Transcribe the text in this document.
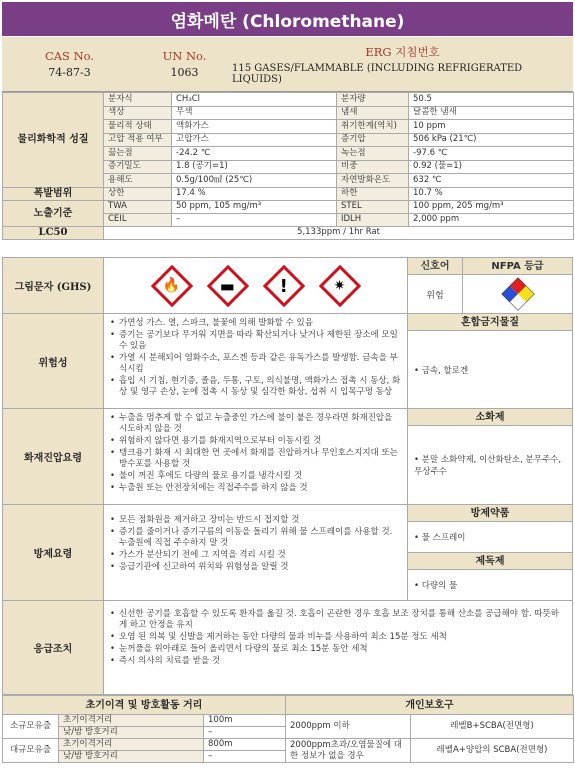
염화메탄 (Chloromethane)
CAS No.
74-87-3
UN No.
1063
ERG 지침번호
115 GASES/FLAMMABLE (INCLUDING REFRIGERATED LIQUIDS)
물리화학적 성질	분자식	CH₃Cl	분자량	50.5
	색상	무색	냄새	달콤한 냄새
	물리적 상태	액화가스	취기한계(역치)	10 ppm
	고압 적용 여부	고압가스	증기압	506 kPa (21℃)
	끓는점	-24.2 ℃	녹는점	-97.6 ℃
	증기밀도	1.8 (공기=1)	비중	0.92 (물=1)
	용해도	0.5g/100㎖ (25℃)	자연발화온도	632 ℃
폭발범위	상한	17.4 %	하한	10.7 %
노출기준	TWA	50 ppm, 105 mg/m³	STEL	100 ppm, 205 mg/m³
	CEIL	–	IDLH	2,000 ppm
LC50	5,133ppm / 1hr Rat			
그림문자 (GHS)	🔥 ▬ !	✷
신호어	NFPA 등급
위험
위험성
• 가연성 가스. 열, 스파크, 불꽃에 의해 발화할 수 있음
• 증기는 공기보다 무거워 지면을 따라 확산되거나 낮거나 제한된 장소에 모일 수 있음
• 가열 시 분해되어 염화수소, 포스겐 등과 같은 유독가스를 발생함. 금속을 부식시킴
• 흡입 시 기침, 현기증, 졸음, 두통, 구토, 의식불명, 액화가스 접촉 시 동상, 화상 및 영구 손상, 눈에 접촉 시 동상 및 심각한 화상, 섭취 시 입목구멍 동상
혼합금지물질
• 금속, 할로겐
화재진압요령
• 누출을 멈추게 할 수 없고 누출중인 가스에 불이 붙은 경우라면 화재진압을 시도하지 않을 것
• 위험하지 않다면 용기를 화재지역으로부터 이동시킬 것
• 탱크용기 화재 시 최대한 먼 곳에서 화재를 진압하거나 무인호스지지대 또는 방수포를 사용할 것
• 불이 꺼진 후에도 다량의 물로 용기를 냉각시킬 것
• 누출원 또는 안전장치에는 직접주수를 하지 않을 것
소화제
• 분말 소화약제, 이산화탄소, 분무주수, 무상주수
방제요령
• 모든 점화원을 제거하고 장비는 반드시 접지할 것
• 증기를 줄이거나 증기구름의 이동을 돌리기 위해 물 스프레이를 사용할 것. 누출원에 직접 주수하지 말 것
• 가스가 분산되기 전에 그 지역을 격리 시킬 것
• 응급기관에 신고하여 위치와 위험성을 알릴 것
방제약품
• 물 스프레이
제독제
• 다량의 물
응급조치
• 신선한 공기를 호흡할 수 있도록 환자를 옮길 것. 호흡이 곤란한 경우 호흡 보조 장치를 통해 산소를 공급해야 함. 따뜻하게 하고 안정을 유지
• 오염 된 의복 및 신발을 제거하는 동안 다량의 물과 비누를 사용하여 최소 15분 정도 세척
• 눈꺼풀을 위아래로 들어 올리면서 다량의 물로 최소 15분 동안 세척
• 즉시 의사의 치료를 받을 것
초기이격 및 방호활동 거리			개인보호구	
소규모유출	초기이격거리	100m	2000ppm 이하	레벨B+SCBA(전면형)
	낮/밤 방호거리	–		
대규모유출	초기이격거리	800m	2000ppm초과/오염물질에 대한 정보가 없을 경우	레벨A+양압의 SCBA(전면형)
	낮/밤 방호거리	–		
